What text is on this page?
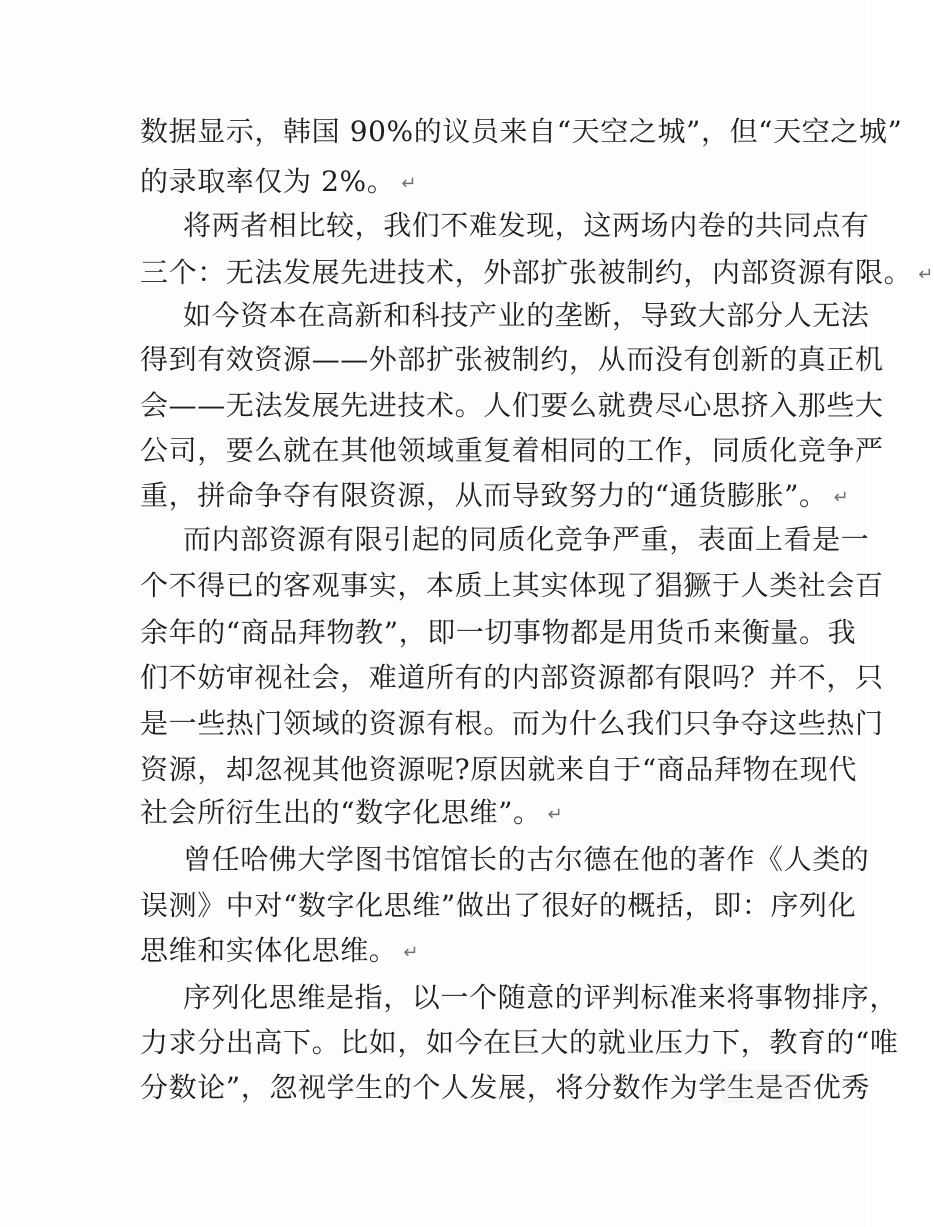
数据显示，韩国 90%的议员来自“天空之城”，但“天空之城”
的录取率仅为 2%。 ↵
将两者相比较，我们不难发现，这两场内卷的共同点有
三个：无法发展先进技术，外部扩张被制约，内部资源有限。 ↵
如今资本在高新和科技产业的垄断，导致大部分人无法
得到有效资源——外部扩张被制约，从而没有创新的真正机
会——无法发展先进技术。人们要么就费尽心思挤入那些大
公司，要么就在其他领域重复着相同的工作，同质化竞争严
重，拼命争夺有限资源，从而导致努力的“通货膨胀”。 ↵
而内部资源有限引起的同质化竞争严重，表面上看是一
个不得已的客观事实，本质上其实体现了猖獗于人类社会百
余年的“商品拜物教”，即一切事物都是用货币来衡量。我
们不妨审视社会，难道所有的内部资源都有限吗？并不，只
是一些热门领域的资源有根。而为什么我们只争夺这些热门
资源，却忽视其他资源呢?原因就来自于“商品拜物在现代
社会所衍生出的“数字化思维”。 ↵
曾任哈佛大学图书馆馆长的古尔德在他的著作《人类的
误测》中对“数字化思维”做出了很好的概括，即：序列化
思维和实体化思维。 ↵
序列化思维是指，以一个随意的评判标准来将事物排序，
力求分出高下。比如，如今在巨大的就业压力下，教育的“唯
分数论”，忽视学生的个人发展，将分数作为学生是否优秀
